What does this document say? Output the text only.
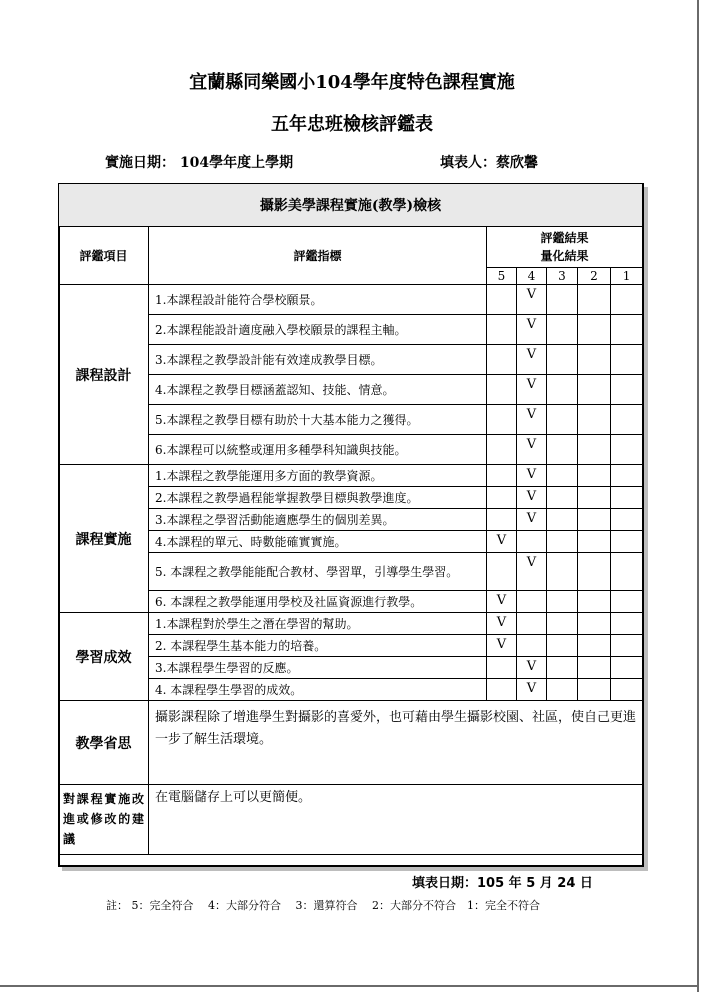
宜蘭縣同樂國小104學年度特色課程實施
五年忠班檢核評鑑表
實施日期： 104學年度上學期	填表人：蔡欣馨
攝影美學課程實施(教學)檢核						
評鑑項目	評鑑指標	評鑑結果
量化結果				
		5	4	3	2	1
課程設計	1.本課程設計能符合學校願景。		V			
	2.本課程能設計適度融入學校願景的課程主軸。		V			
	3.本課程之教學設計能有效達成教學目標。		V			
	4.本課程之教學目標涵蓋認知、技能、情意。		V			
	5.本課程之教學目標有助於十大基本能力之獲得。		V			
	6.本課程可以統整或運用多種學科知識與技能。		V			
課程實施	1.本課程之教學能運用多方面的教學資源。		V			
	2.本課程之教學過程能掌握教學目標與教學進度。		V			
	3.本課程之學習活動能適應學生的個別差異。		V			
	4.本課程的單元、時數能確實實施。	V				
	5. 本課程之教學能能配合教材、學習單，引導學生學習。		V			
	6. 本課程之教學能運用學校及社區資源進行教學。	V				
學習成效	1.本課程對於學生之潛在學習的幫助。	V				
	2. 本課程學生基本能力的培養。	V				
	3.本課程學生學習的反應。		V			
	4. 本課程學生學習的成效。		V			
教學省思	攝影課程除了增進學生對攝影的喜愛外，也可藉由學生攝影校園、社區，使自己更進一步了解生活環境。					
對課程實施改進或修改的建議	在電腦儲存上可以更簡便。					
填表日期：105 年 5 月 24 日
註： 5：完全符合　 4：大部分符合　 3：還算符合　 2：大部分不符合　1：完全不符合
